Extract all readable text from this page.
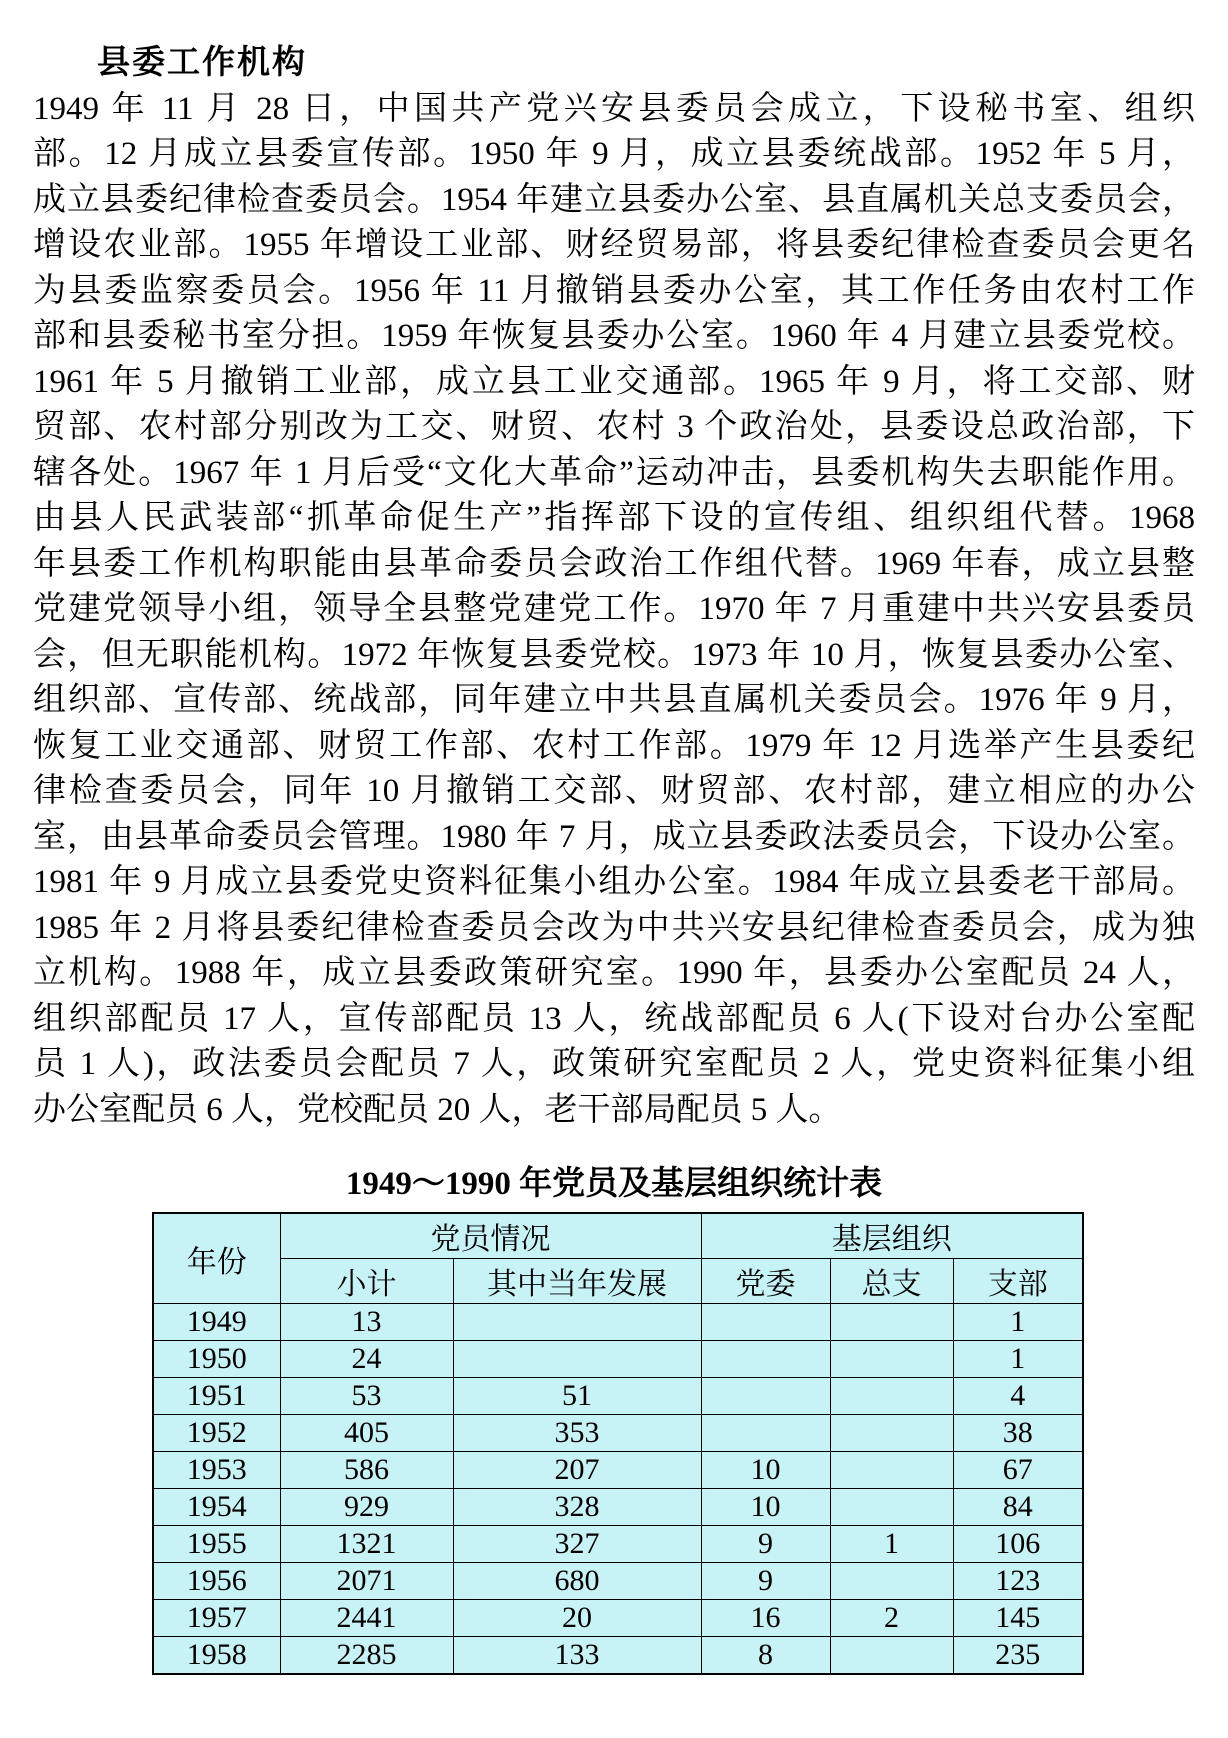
县委工作机构
1949 年 11 月 28 日，中国共产党兴安县委员会成立，下设秘书室、组织
部。12 月成立县委宣传部。1950 年 9 月，成立县委统战部。1952 年 5 月，
成立县委纪律检查委员会。1954 年建立县委办公室、县直属机关总支委员会，
增设农业部。1955 年增设工业部、财经贸易部，将县委纪律检查委员会更名
为县委监察委员会。1956 年 11 月撤销县委办公室，其工作任务由农村工作
部和县委秘书室分担。1959 年恢复县委办公室。1960 年 4 月建立县委党校。
1961 年 5 月撤销工业部，成立县工业交通部。1965 年 9 月，将工交部、财
贸部、农村部分别改为工交、财贸、农村 3 个政治处，县委设总政治部，下
辖各处。1967 年 1 月后受“文化大革命”运动冲击，县委机构失去职能作用。
由县人民武装部“抓革命促生产”指挥部下设的宣传组、组织组代替。1968
年县委工作机构职能由县革命委员会政治工作组代替。1969 年春，成立县整
党建党领导小组，领导全县整党建党工作。1970 年 7 月重建中共兴安县委员
会，但无职能机构。1972 年恢复县委党校。1973 年 10 月，恢复县委办公室、
组织部、宣传部、统战部，同年建立中共县直属机关委员会。1976 年 9 月，
恢复工业交通部、财贸工作部、农村工作部。1979 年 12 月选举产生县委纪
律检查委员会，同年 10 月撤销工交部、财贸部、农村部，建立相应的办公
室，由县革命委员会管理。1980 年 7 月，成立县委政法委员会，下设办公室。
1981 年 9 月成立县委党史资料征集小组办公室。1984 年成立县委老干部局。
1985 年 2 月将县委纪律检查委员会改为中共兴安县纪律检查委员会，成为独
立机构。1988 年，成立县委政策研究室。1990 年，县委办公室配员 24 人，
组织部配员 17 人，宣传部配员 13 人，统战部配员 6 人(下设对台办公室配
员 1 人)，政法委员会配员 7 人，政策研究室配员 2 人，党史资料征集小组
办公室配员 6 人，党校配员 20 人，老干部局配员 5 人。
1949～1990 年党员及基层组织统计表
年份	党员情况		基层组织		
	小计	其中当年发展	党委	总支	支部
1949	13				1
1950	24				1
1951	53	51			4
1952	405	353			38
1953	586	207	10		67
1954	929	328	10		84
1955	1321	327	9	1	106
1956	2071	680	9		123
1957	2441	20	16	2	145
1958	2285	133	8		235
